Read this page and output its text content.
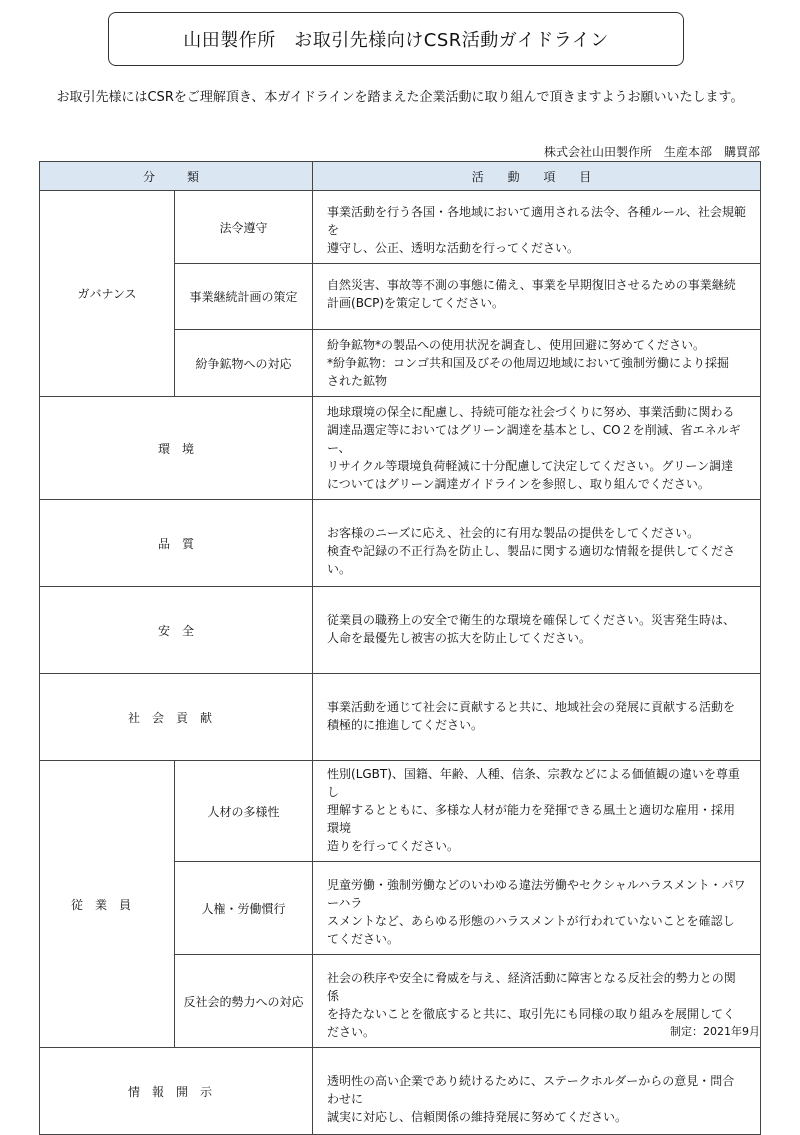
山田製作所　お取引先様向けCSR活動ガイドライン
お取引先様にはCSRをご理解頂き、本ガイドラインを踏まえた企業活動に取り組んで頂きますようお願いいたします。
株式会社山田製作所　生産本部　購買部
分　類		活 動 項 目
ガバナンス	法令遵守	事業活動を行う各国・各地域において適用される法令、各種ルール、社会規範を
遵守し、公正、透明な活動を行ってください。

	事業継続計画の策定	自然災害、事故等不測の事態に備え、事業を早期復旧させるための事業継続
計画(BCP)を策定してください。

	紛争鉱物への対応	紛争鉱物*の製品への使用状況を調査し、使用回避に努めてください。
*紛争鉱物：コンゴ共和国及びその他周辺地域において強制労働により採掘
された鉱物

環　境		地球環境の保全に配慮し、持続可能な社会づくりに努め、事業活動に関わる
調達品選定等においてはグリーン調達を基本とし、CO２を削減、省エネルギー、
リサイクル等環境負荷軽減に十分配慮して決定してください。グリーン調達
についてはグリーン調達ガイドラインを参照し、取り組んでください。

品　質		お客様のニーズに応え、社会的に有用な製品の提供をしてください。
検査や記録の不正行為を防止し、製品に関する適切な情報を提供してください。

安　全		従業員の職務上の安全で衛生的な環境を確保してください。災害発生時は、
人命を最優先し被害の拡大を防止してください。

社会貢献		事業活動を通じて社会に貢献すると共に、地域社会の発展に貢献する活動を
積極的に推進してください。

従業員	人材の多様性	性別(LGBT)、国籍、年齢、人種、信条、宗教などによる価値観の違いを尊重し
理解するとともに、多様な人材が能力を発揮できる風土と適切な雇用・採用環境
造りを行ってください。

	人権・労働慣行	児童労働・強制労働などのいわゆる違法労働やセクシャルハラスメント・パワーハラ
スメントなど、あらゆる形態のハラスメントが行われていないことを確認してください。

	反社会的勢力への対応	社会の秩序や安全に脅威を与え、経済活動に障害となる反社会的勢力との関係
を持たないことを徹底すると共に、取引先にも同様の取り組みを展開してください。

情報開示		透明性の高い企業であり続けるために、ステークホルダーからの意見・問合わせに
誠実に対応し、信頼関係の維持発展に努めてください。
制定：2021年9月
